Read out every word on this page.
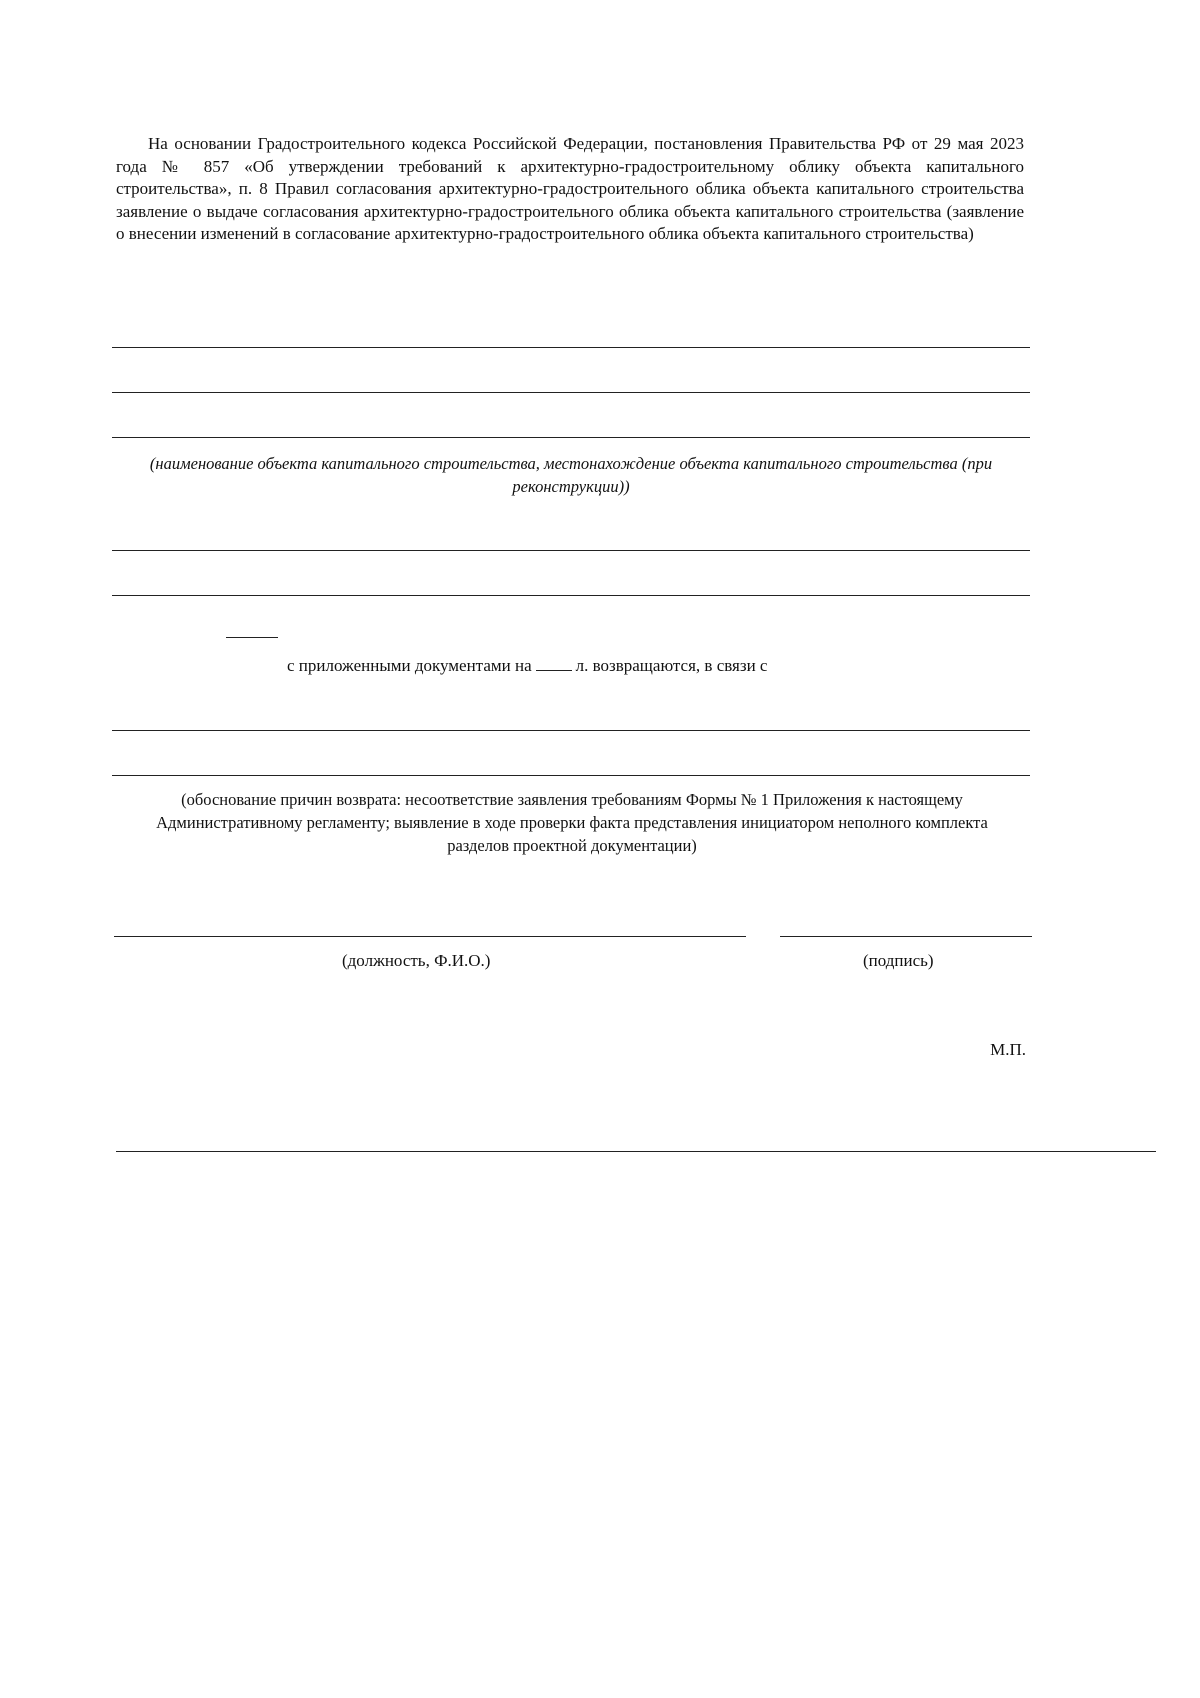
На основании Градостроительного кодекса Российской Федерации, постановления Правительства РФ от 29 мая 2023 года № 857 «Об утверждении требований к архитектурно-градостроительному облику объекта капитального строительства», п. 8 Правил согласования архитектурно-градостроительного облика объекта капитального строительства заявление о выдаче согласования архитектурно-градостроительного облика объекта капитального строительства (заявление о внесении изменений в согласование архитектурно-градостроительного облика объекта капитального строительства)

(наименование объекта капитального строительства, местонахождение объекта капитального строительства (при реконструкции))

с приложенными документами на	л. возвращаются, в связи с

(обоснование причин возврата: несоответствие заявления требованиям Формы № 1 Приложения к настоящему Административному регламенту; выявление в ходе проверки факта представления инициатором неполного комплекта разделов проектной документации)

(должность, Ф.И.О.)	(подпись)

М.П.
